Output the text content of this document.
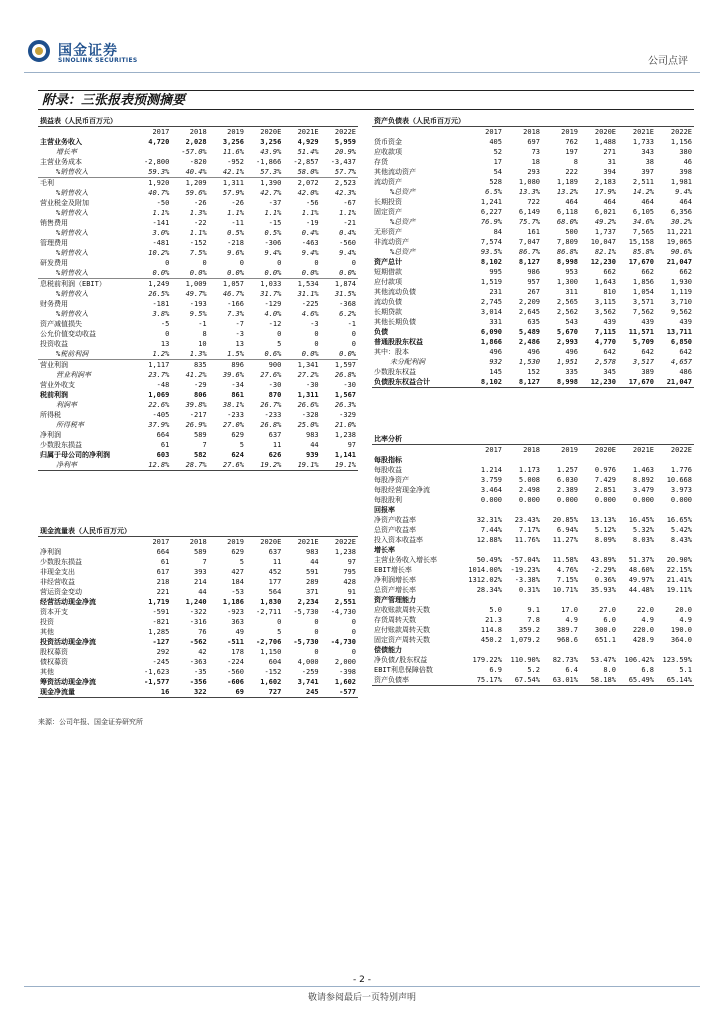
国金证券
SINOLINK SECURITIES	公司点评
附录：三张报表预测摘要
损益表（人民币百万元）						
	2017	2018	2019	2020E	2021E	2022E
主营业务收入	4,720	2,028	3,256	3,256	4,929	5,959
增长率		-57.0%	11.6%	43.9%	51.4%	20.9%
主营业务成本	-2,800	-820	-952	-1,866	-2,857	-3,437
%销售收入	59.3%	40.4%	42.1%	57.3%	58.0%	57.7%
毛利	1,920	1,209	1,311	1,390	2,072	2,523
%销售收入	40.7%	59.6%	57.9%	42.7%	42.0%	42.3%
营业税金及附加	-50	-26	-26	-37	-56	-67
%销售收入	1.1%	1.3%	1.1%	1.1%	1.1%	1.1%
销售费用	-141	-22	-11	-15	-19	-21
%销售收入	3.0%	1.1%	0.5%	0.5%	0.4%	0.4%
管理费用	-481	-152	-218	-306	-463	-560
%销售收入	10.2%	7.5%	9.6%	9.4%	9.4%	9.4%
研发费用	0	0	0	0	0	0
%销售收入	0.0%	0.0%	0.0%	0.0%	0.0%	0.0%
息税前利润（EBIT）	1,249	1,009	1,057	1,033	1,534	1,874
%销售收入	26.5%	49.7%	46.7%	31.7%	31.1%	31.5%
财务费用	-181	-193	-166	-129	-225	-368
%销售收入	3.8%	9.5%	7.3%	4.0%	4.6%	6.2%
资产减值损失	-5	-1	-7	-12	-3	-1
公允价值变动收益	0	8	-3	0	0	0
投资收益	13	10	13	5	0	0
%税前利润	1.2%	1.3%	1.5%	0.6%	0.0%	0.0%
营业利润	1,117	835	896	900	1,341	1,597
营业利润率	23.7%	41.2%	39.6%	27.6%	27.2%	26.8%
营业外收支	-48	-29	-34	-30	-30	-30
税前利润	1,069	806	861	870	1,311	1,567
利润率	22.6%	39.8%	38.1%	26.7%	26.6%	26.3%
所得税	-405	-217	-233	-233	-328	-329
所得税率	37.9%	26.9%	27.0%	26.8%	25.0%	21.0%
净利润	664	589	629	637	983	1,238
少数股东损益	61	7	5	11	44	97
归属于母公司的净利润	603	582	624	626	939	1,141
净利率	12.8%	28.7%	27.6%	19.2%	19.1%	19.1%
现金流量表（人民币百万元）						
	2017	2018	2019	2020E	2021E	2022E
净利润	664	589	629	637	983	1,238
少数股东损益	61	7	5	11	44	97
非现金支出	617	393	427	452	591	795
非经营收益	218	214	184	177	289	428
营运资金变动	221	44	-53	564	371	91
经营活动现金净流	1,719	1,240	1,186	1,830	2,234	2,551
资本开支	-591	-322	-923	-2,711	-5,730	-4,730
投资	-821	-316	363	0	0	0
其他	1,285	76	49	5	0	0
投资活动现金净流	-127	-562	-511	-2,706	-5,730	-4,730
股权募资	292	42	178	1,150	0	0
债权募资	-245	-363	-224	604	4,000	2,000
其他	-1,623	-35	-560	-152	-259	-398
筹资活动现金净流	-1,577	-356	-606	1,602	3,741	1,602
现金净流量	16	322	69	727	245	-577
资产负债表（人民币百万元）						
	2017	2018	2019	2020E	2021E	2022E
货币资金	405	697	762	1,488	1,733	1,156
应收款项	52	73	197	271	343	380
存货	17	18	8	31	38	46
其他流动资产	54	293	222	394	397	398
流动资产	528	1,080	1,189	2,183	2,511	1,981
%总资产	6.5%	13.3%	13.2%	17.9%	14.2%	9.4%
长期投资	1,241	722	464	464	464	464
固定资产	6,227	6,149	6,118	6,021	6,105	6,356
%总资产	76.9%	75.7%	68.0%	49.2%	34.6%	30.2%
无形资产	84	161	500	1,737	7,565	11,221
非流动资产	7,574	7,047	7,809	10,047	15,158	19,065
%总资产	93.5%	86.7%	86.8%	82.1%	85.8%	90.6%
资产总计	8,102	8,127	8,998	12,230	17,670	21,047
短期借款	995	986	953	662	662	662
应付款项	1,519	957	1,300	1,643	1,856	1,930
其他流动负债	231	267	311	810	1,054	1,119
流动负债	2,745	2,209	2,565	3,115	3,571	3,710
长期贷款	3,014	2,645	2,562	3,562	7,562	9,562
其他长期负债	331	635	543	439	439	439
负债	6,090	5,489	5,670	7,115	11,571	13,711
普通股股东权益	1,866	2,486	2,993	4,770	5,709	6,850
其中：股本	496	496	496	642	642	642
未分配利润	932	1,530	1,951	2,578	3,517	4,657
少数股东权益	145	152	335	345	389	486
负债股东权益合计	8,102	8,127	8,998	12,230	17,670	21,047
比率分析						
	2017	2018	2019	2020E	2021E	2022E
每股指标						
每股收益	1.214	1.173	1.257	0.976	1.463	1.776
每股净资产	3.759	5.008	6.030	7.429	8.892	10.668
每股经营现金净流	3.464	2.498	2.389	2.851	3.479	3.973
每股股利	0.000	0.000	0.000	0.000	0.000	0.000
回报率						
净资产收益率	32.31%	23.43%	20.85%	13.13%	16.45%	16.65%
总资产收益率	7.44%	7.17%	6.94%	5.12%	5.32%	5.42%
投入资本收益率	12.88%	11.76%	11.27%	8.09%	8.03%	8.43%
增长率						
主营业务收入增长率	50.49%	-57.04%	11.58%	43.89%	51.37%	20.90%
EBIT增长率	1014.00%	-19.23%	4.76%	-2.29%	48.60%	22.15%
净利润增长率	1312.02%	-3.38%	7.15%	0.36%	49.97%	21.41%
总资产增长率	28.34%	0.31%	10.71%	35.93%	44.48%	19.11%
资产管理能力						
应收账款周转天数	5.0	9.1	17.0	27.0	22.0	20.0
存货周转天数	21.3	7.8	4.9	6.0	4.9	4.9
应付账款周转天数	114.8	359.2	389.7	300.0	220.0	190.0
固定资产周转天数	450.2	1,079.2	968.6	651.1	428.9	364.0
偿债能力						
净负债/股东权益	179.22%	110.90%	82.73%	53.47%	106.42%	123.59%
EBIT利息保障倍数	6.9	5.2	6.4	8.0	6.8	5.1
资产负债率	75.17%	67.54%	63.01%	58.18%	65.49%	65.14%
来源：公司年报、国金证券研究所
- 2 -
敬请参阅最后一页特别声明
